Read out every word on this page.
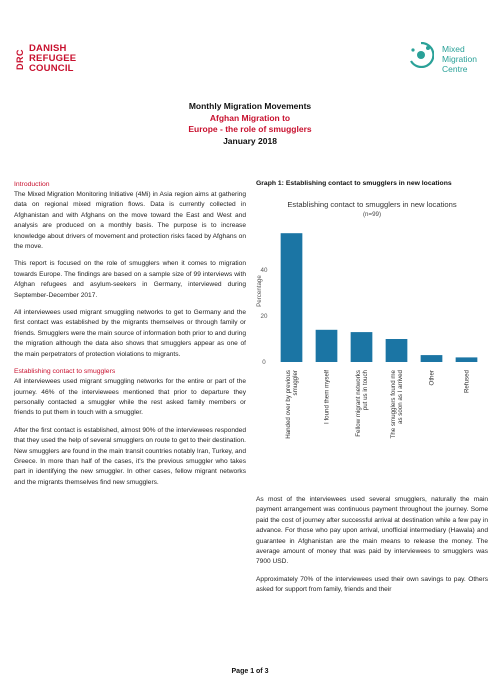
DRC
DANISH
REFUGEE
COUNCIL
Mixed
Migration
Centre
Monthly Migration Movements
Afghan Migration to
Europe - the role of smugglers
January 2018
Introduction

The Mixed Migration Monitoring Initiative (4Mi) in Asia region aims at gathering data on regional mixed migration flows. Data is currently collected in Afghanistan and with Afghans on the move toward the East and West and analysis are produced on a monthly basis. The purpose is to increase knowledge about drivers of movement and protection risks faced by Afghans on the move.

This report is focused on the role of smugglers when it comes to migration towards Europe. The findings are based on a sample size of 99 interviews with Afghan refugees and asylum-seekers in Germany, interviewed during September-December 2017.

All interviewees used migrant smuggling networks to get to Germany and the first contact was established by the migrants themselves or through family or friends. Smugglers were the main source of information both prior to and during the migration although the data also shows that smugglers appear as one of the main perpetrators of protection violations to migrants.

Establishing contact to smugglers

All interviewees used migrant smuggling networks for the entire or part of the journey. 46% of the interviewees mentioned that prior to departure they personally contacted a smuggler while the rest asked family members or friends to put them in touch with a smuggler.

After the first contact is established, almost 90% of the interviewees responded that they used the help of several smugglers on route to get to their destination. New smugglers are found in the main transit countries notably Iran, Turkey, and Greece. In more than half of the cases, it's the previous smuggler who takes part in identifying the new smuggler. In other cases, fellow migrant networks and the migrants themselves find new smugglers.

Graph 1: Establishing contact to smugglers in new locations
Establishing contact to smugglers in new locations
(n=99)
Percentage
0
20
40
Handed over by previous smuggler	I found them myself	Fellow migrant networks put us in touch	The smugglers found me as soon as I arrived	Other	Refused

As most of the interviewees used several smugglers, naturally the main payment arrangement was continuous payment throughout the journey. Some paid the cost of journey after successful arrival at destination while a few pay in advance. For those who pay upon arrival, unofficial intermediary (Hawala) and guarantee in Afghanistan are the main means to release the money. The average amount of money that was paid by interviewees to smugglers was 7900 USD.

Approximately 70% of the interviewees used their own savings to pay. Others asked for support from family, friends and their

Page 1 of 3
